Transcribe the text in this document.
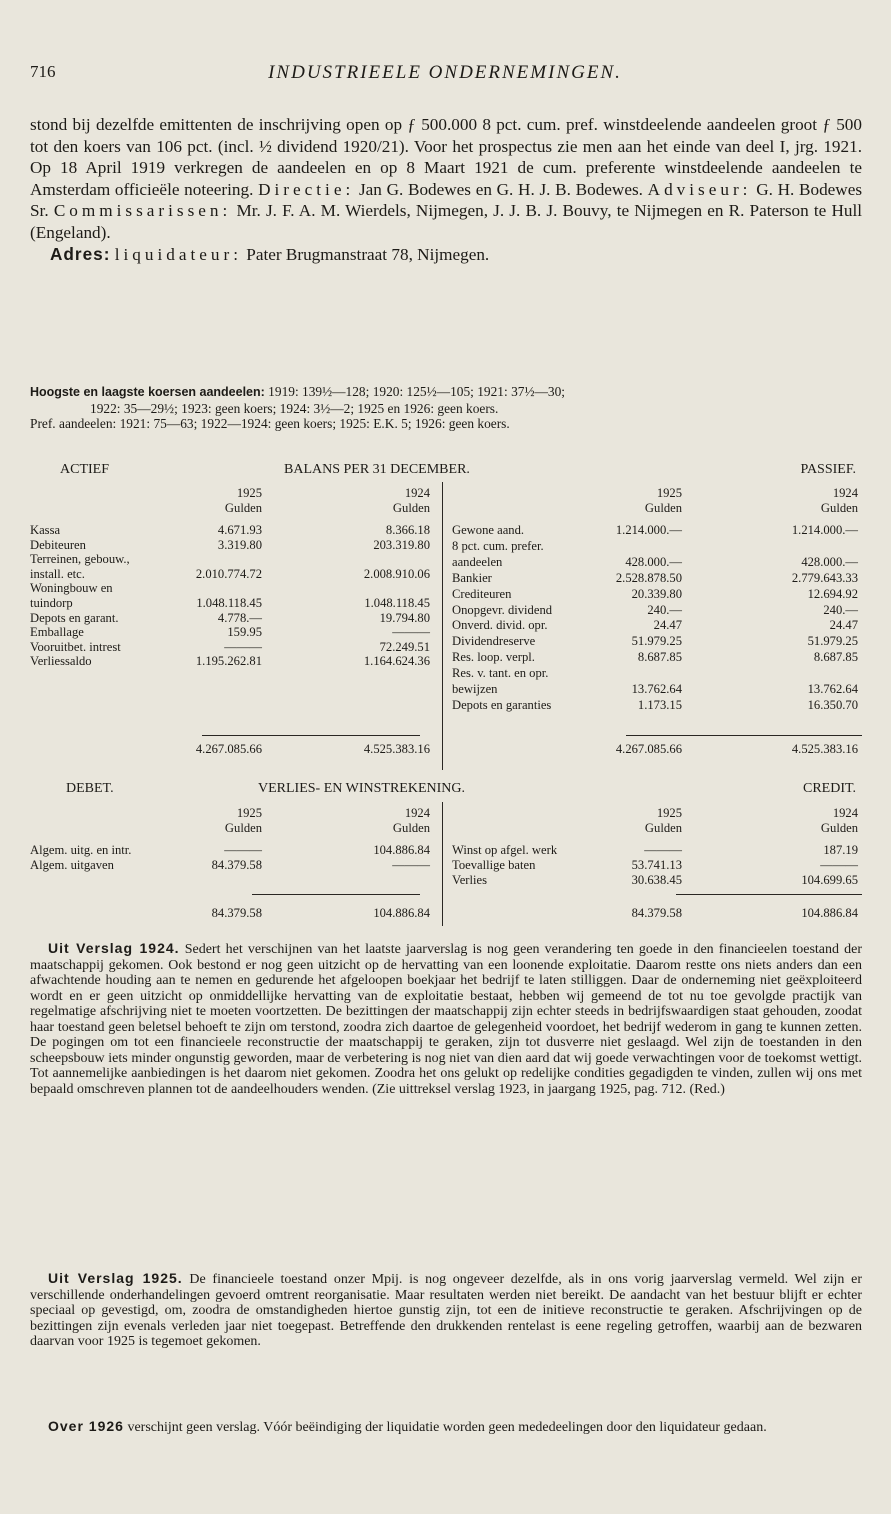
716	INDUSTRIEELE ONDERNEMINGEN.

stond bij dezelfde emittenten de inschrijving open op ƒ 500.000 8 pct. cum. pref. winstdeelende aandeelen groot ƒ 500 tot den koers van 106 pct. (incl. ½ dividend 1920/21). Voor het prospectus zie men aan het einde van deel I, jrg. 1921. Op 18 April 1919 verkregen de aandeelen en op 8 Maart 1921 de cum. preferente winstdeelende aandeelen te Amsterdam officieële noteering. Directie: Jan G. Bodewes en G. H. J. B. Bodewes. Adviseur: G. H. Bodewes Sr. Commissarissen: Mr. J. F. A. M. Wierdels, Nijmegen, J. J. B. J. Bouvy, te Nijmegen en R. Paterson te Hull (Engeland).

Adres: liquidateur: Pater Brugmanstraat 78, Nijmegen.

Hoogste en laagste koersen aandeelen: 1919: 139½—128; 1920: 125½—105; 1921: 37½—30;

1922: 35—29½; 1923: geen koers; 1924: 3½—2; 1925 en 1926: geen koers.

Pref. aandeelen: 1921: 75—63; 1922—1924: geen koers; 1925: E.K. 5; 1926: geen koers.

ACTIEF	BALANS PER 31 DECEMBER.	PASSIEF.
1925	1924	1925	1924
Gulden	Gulden	Gulden	Gulden
Kassa	4.671.93	8.366.18
Debiteuren	3.319.80	203.319.80
Terreinen, gebouw.,
install. etc.	2.010.774.72	2.008.910.06
Woningbouw en
tuindorp	1.048.118.45	1.048.118.45
Depots en garant.	4.778.—	19.794.80
Emballage	159.95	———
Vooruitbet. intrest	———	72.249.51
Verliessaldo	1.195.262.81	1.164.624.36
Gewone aand.	1.214.000.—	1.214.000.—
8 pct. cum. prefer.
aandeelen	428.000.—	428.000.—
Bankier	2.528.878.50	2.779.643.33
Crediteuren	20.339.80	12.694.92
Onopgevr. dividend	240.—	240.—
Onverd. divid. opr.	24.47	24.47
Dividendreserve	51.979.25	51.979.25
Res. loop. verpl.	8.687.85	8.687.85
Res. v. tant. en opr.
bewijzen	13.762.64	13.762.64
Depots en garanties	1.173.15	16.350.70
4.267.085.66	4.525.383.16	4.267.085.66	4.525.383.16
DEBET.	VERLIES- EN WINSTREKENING.	CREDIT.
1925	1924	1925	1924
Gulden	Gulden	Gulden	Gulden
Algem. uitg. en intr.	———	104.886.84
Algem. uitgaven	84.379.58	———
Winst op afgel. werk	———	187.19
Toevallige baten	53.741.13	———
Verlies	30.638.45	104.699.65
84.379.58	104.886.84	84.379.58	104.886.84

Uit Verslag 1924. Sedert het verschijnen van het laatste jaarverslag is nog geen verandering ten goede in den financieelen toestand der maatschappij gekomen. Ook bestond er nog geen uitzicht op de hervatting van een loonende exploitatie. Daarom restte ons niets anders dan een afwachtende houding aan te nemen en gedurende het afgeloopen boekjaar het bedrijf te laten stilliggen. Daar de onderneming niet geëxploiteerd wordt en er geen uitzicht op onmiddellijke hervatting van de exploitatie bestaat, hebben wij gemeend de tot nu toe gevolgde practijk van regelmatige afschrijving niet te moeten voortzetten. De bezittingen der maatschappij zijn echter steeds in bedrijfswaardigen staat gehouden, zoodat haar toestand geen beletsel behoeft te zijn om terstond, zoodra zich daartoe de gelegenheid voordoet, het bedrijf wederom in gang te kunnen zetten. De pogingen om tot een financieele reconstructie der maatschappij te geraken, zijn tot dusverre niet geslaagd. Wel zijn de toestanden in den scheepsbouw iets minder ongunstig geworden, maar de verbetering is nog niet van dien aard dat wij goede verwachtingen voor de toekomst wettigt. Tot aannemelijke aanbiedingen is het daarom niet gekomen. Zoodra het ons gelukt op redelijke condities gegadigden te vinden, zullen wij ons met bepaald omschreven plannen tot de aandeelhouders wenden. (Zie uittreksel verslag 1923, in jaargang 1925, pag. 712. (Red.)

Uit Verslag 1925. De financieele toestand onzer Mpij. is nog ongeveer dezelfde, als in ons vorig jaarverslag vermeld. Wel zijn er verschillende onderhandelingen gevoerd omtrent reorganisatie. Maar resultaten werden niet bereikt. De aandacht van het bestuur blijft er echter speciaal op gevestigd, om, zoodra de omstandigheden hiertoe gunstig zijn, tot een de initieve reconstructie te geraken. Afschrijvingen op de bezittingen zijn evenals verleden jaar niet toegepast. Betreffende den drukkenden rentelast is eene regeling getroffen, waarbij aan de bezwaren daarvan voor 1925 is tegemoet gekomen.

Over 1926 verschijnt geen verslag. Vóór beëindiging der liquidatie worden geen mededeelingen door den liquidateur gedaan.
